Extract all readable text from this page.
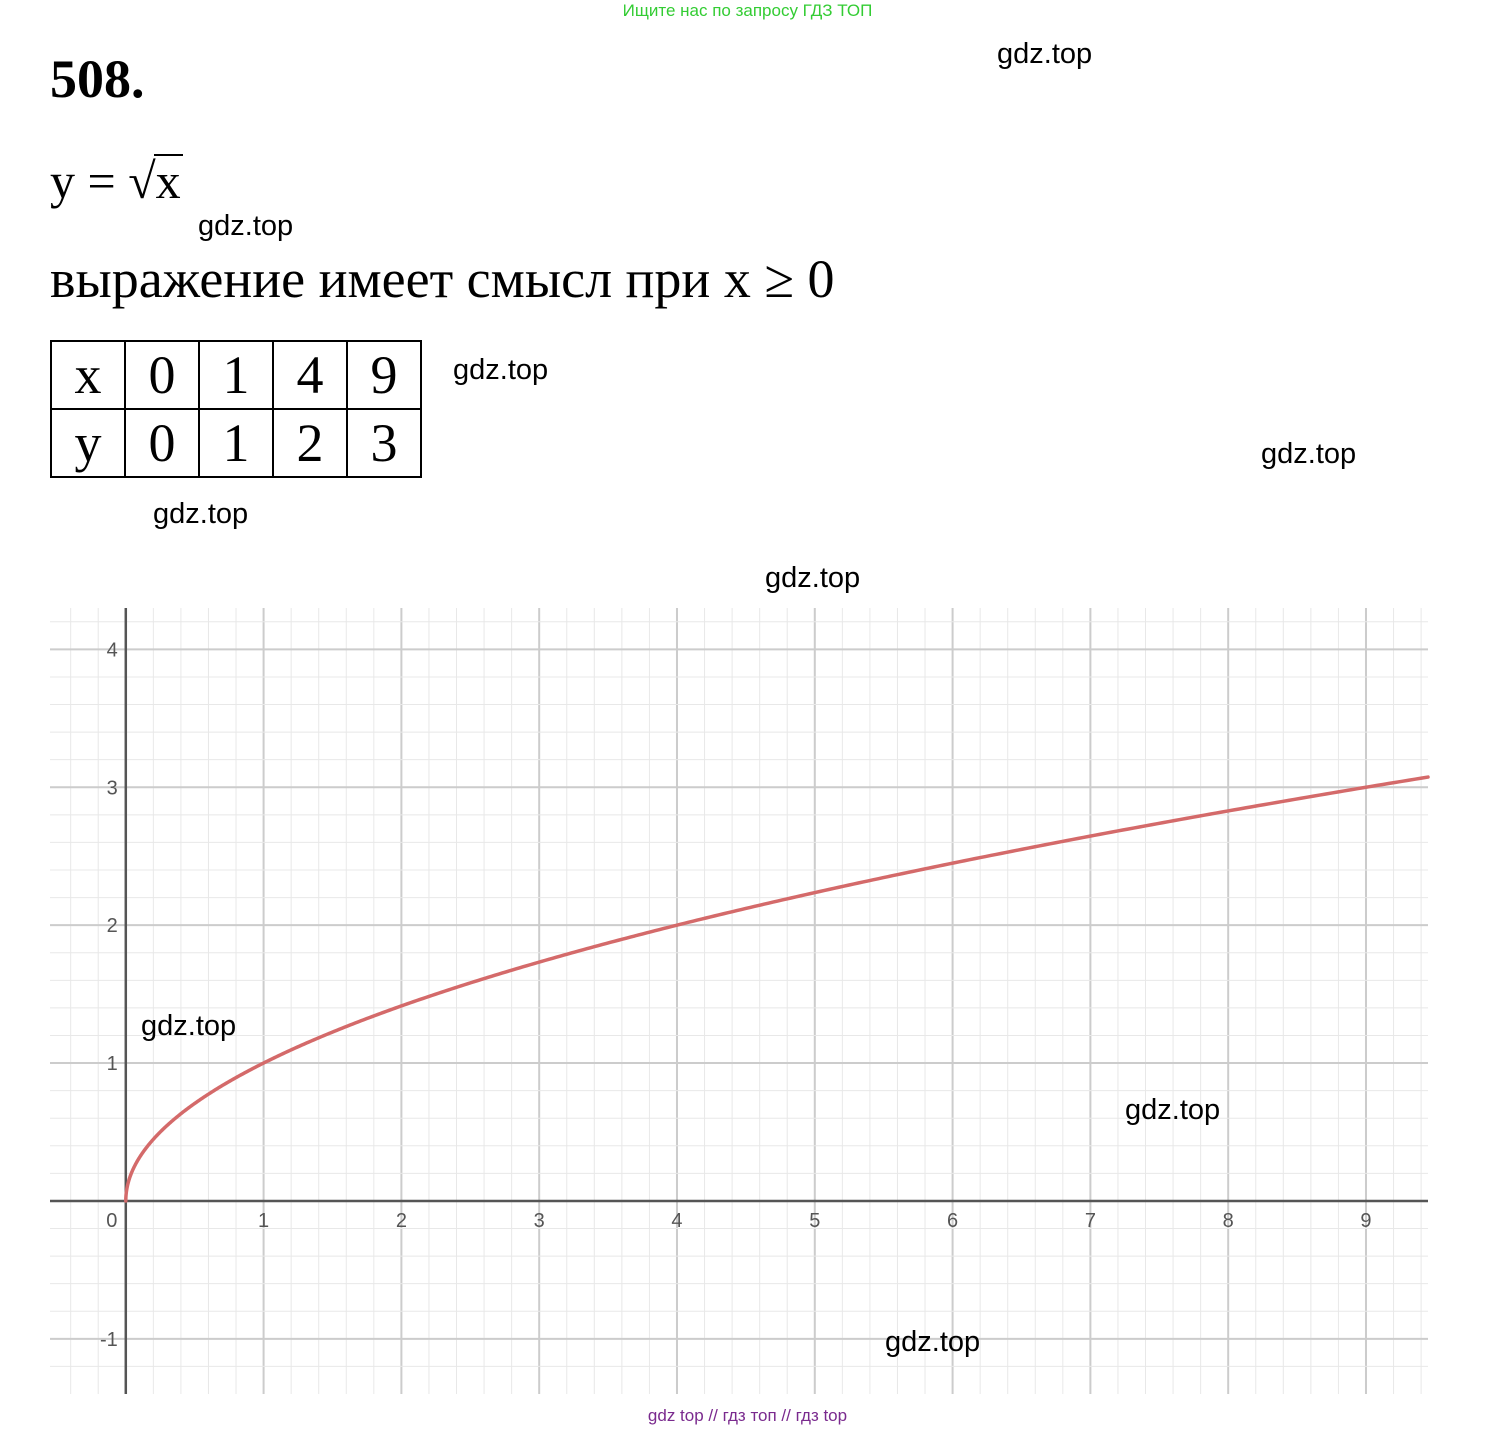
Ищите нас по запросу ГДЗ ТОП
508.
y = √x
выражение имеет смысл при x ≥ 0
x	0	1	4	9
y	0	1	2	3
0	1	2	3	4	5	6	7	8	9
-1
1
2
3
4
gdz.top
gdz.top
gdz.top
gdz.top
gdz.top
gdz.top
gdz.top
gdz.top
gdz.top
gdz top // гдз топ // гдз top
